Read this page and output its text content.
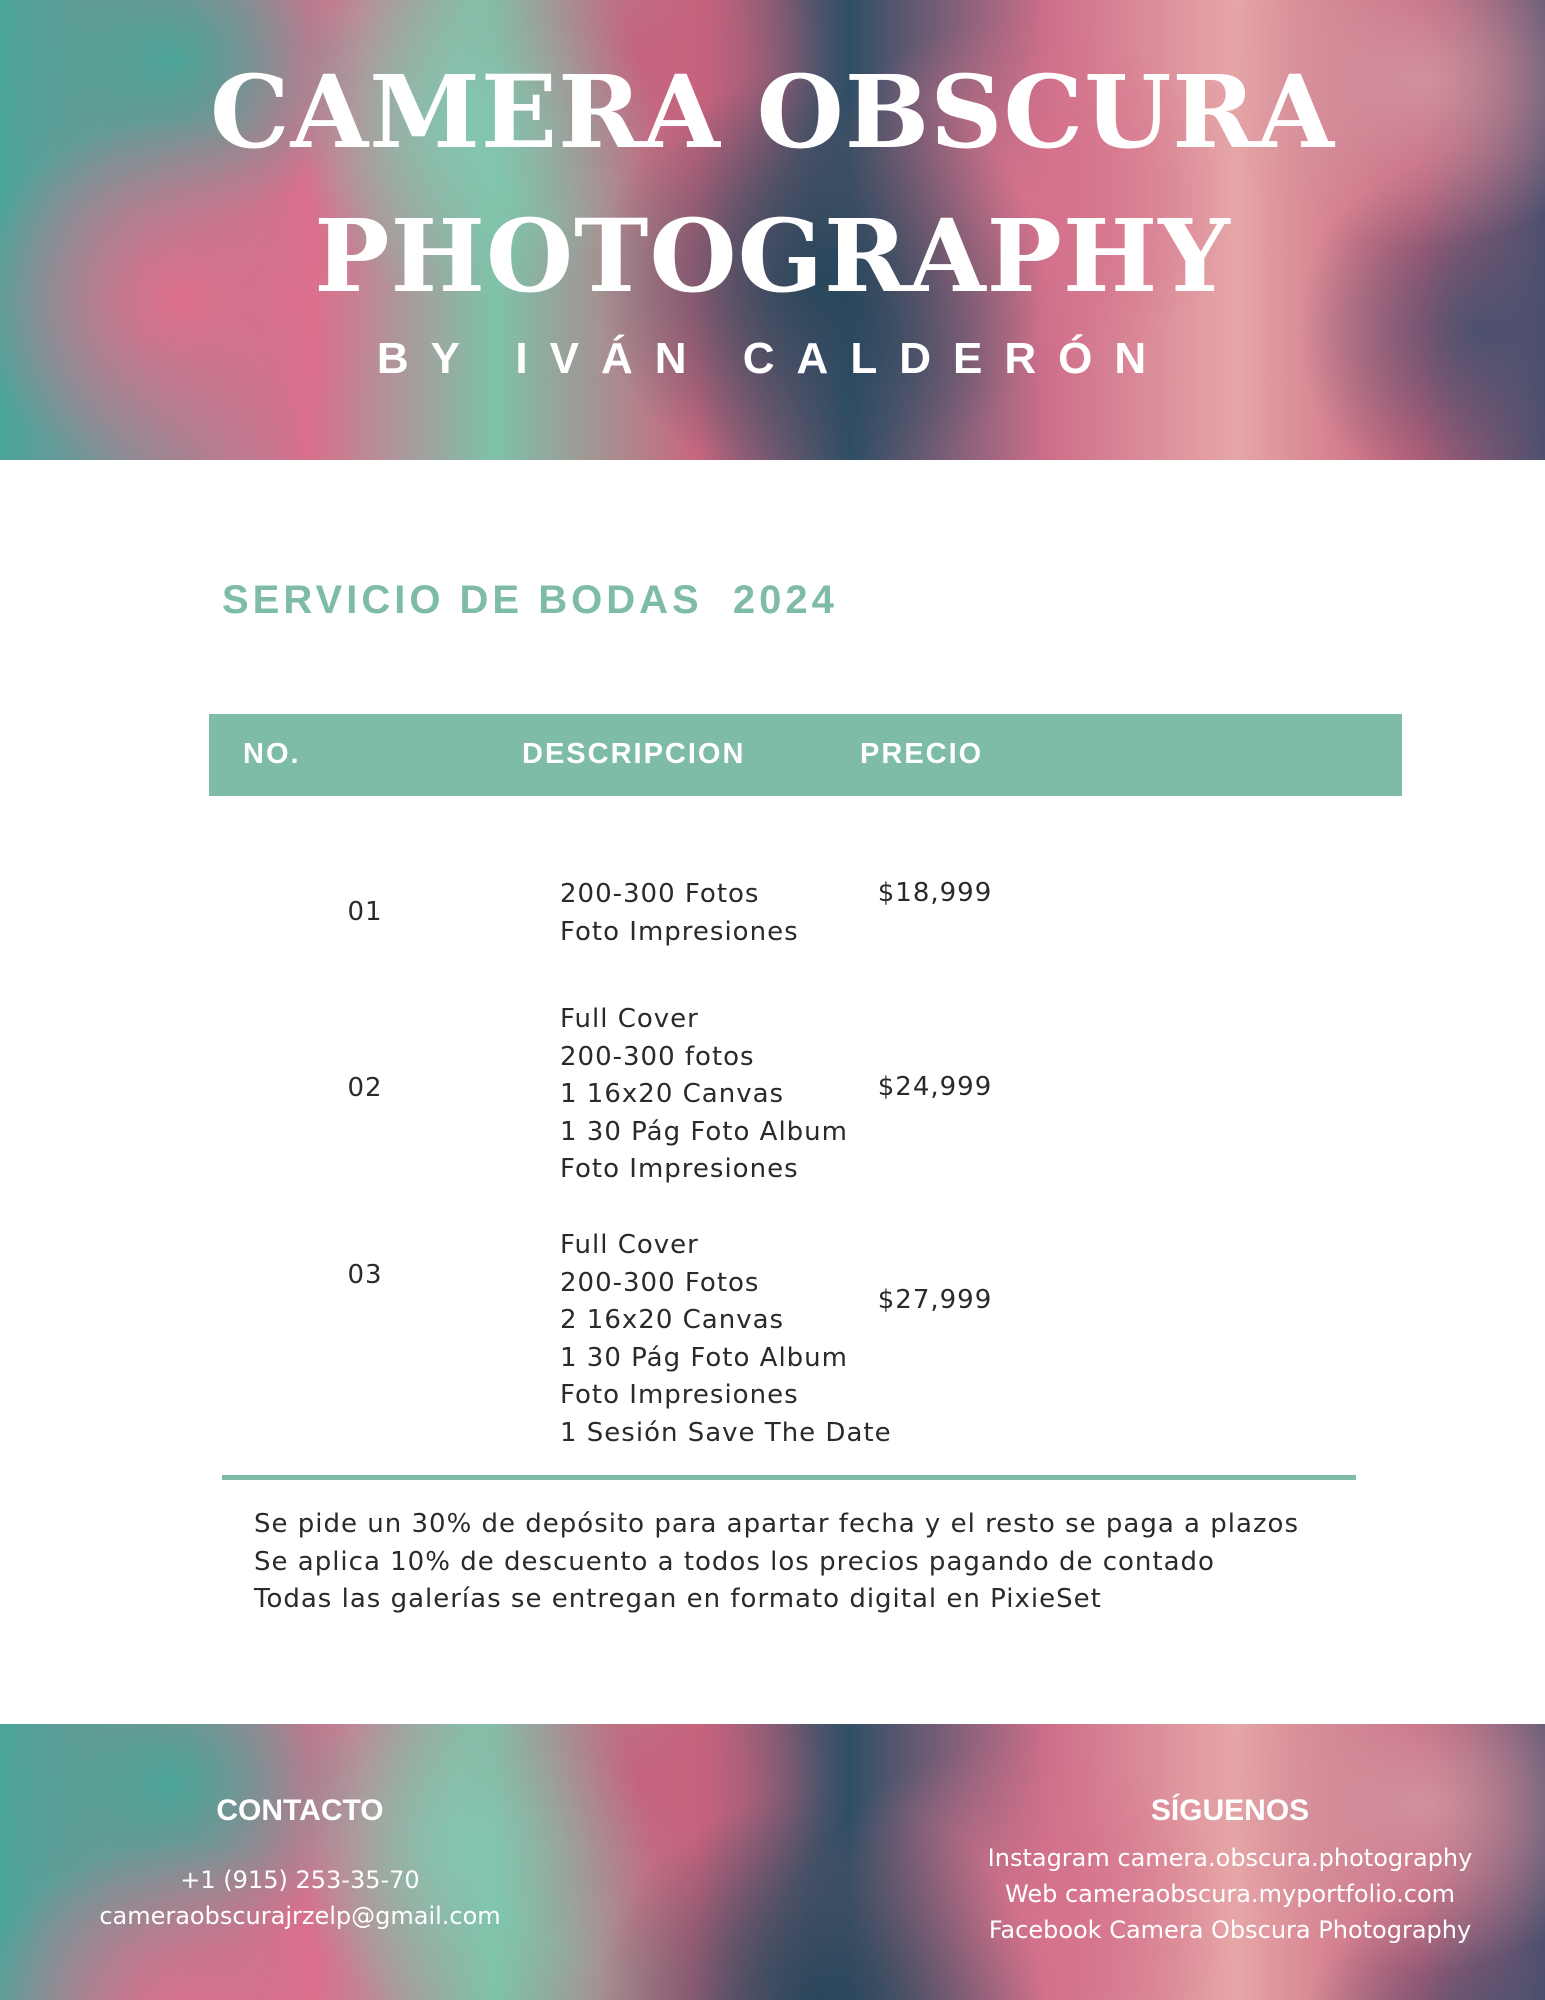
CAMERA OBSCURA
PHOTOGRAPHY
BY IVÁN CALDERÓN
SERVICIO DE BODAS  2024
NO.	DESCRIPCION	PRECIO
01
200-300 Fotos
Foto Impresiones
$18,999
02
Full Cover
200-300 fotos
1 16x20 Canvas
1 30 Pág Foto Album
Foto Impresiones
$24,999
03
Full Cover
200-300 Fotos
2 16x20 Canvas
1 30 Pág Foto Album
Foto Impresiones
1 Sesión Save The Date
$27,999
Se pide un 30% de depósito para apartar fecha y el resto se paga a plazos
Se aplica 10% de descuento a todos los precios pagando de contado
Todas las galerías se entregan en formato digital en PixieSet
CONTACTO
+1 (915) 253-35-70
cameraobscurajrzelp@gmail.com
SÍGUENOS
Instagram camera.obscura.photography
Web cameraobscura.myportfolio.com
Facebook Camera Obscura Photography
